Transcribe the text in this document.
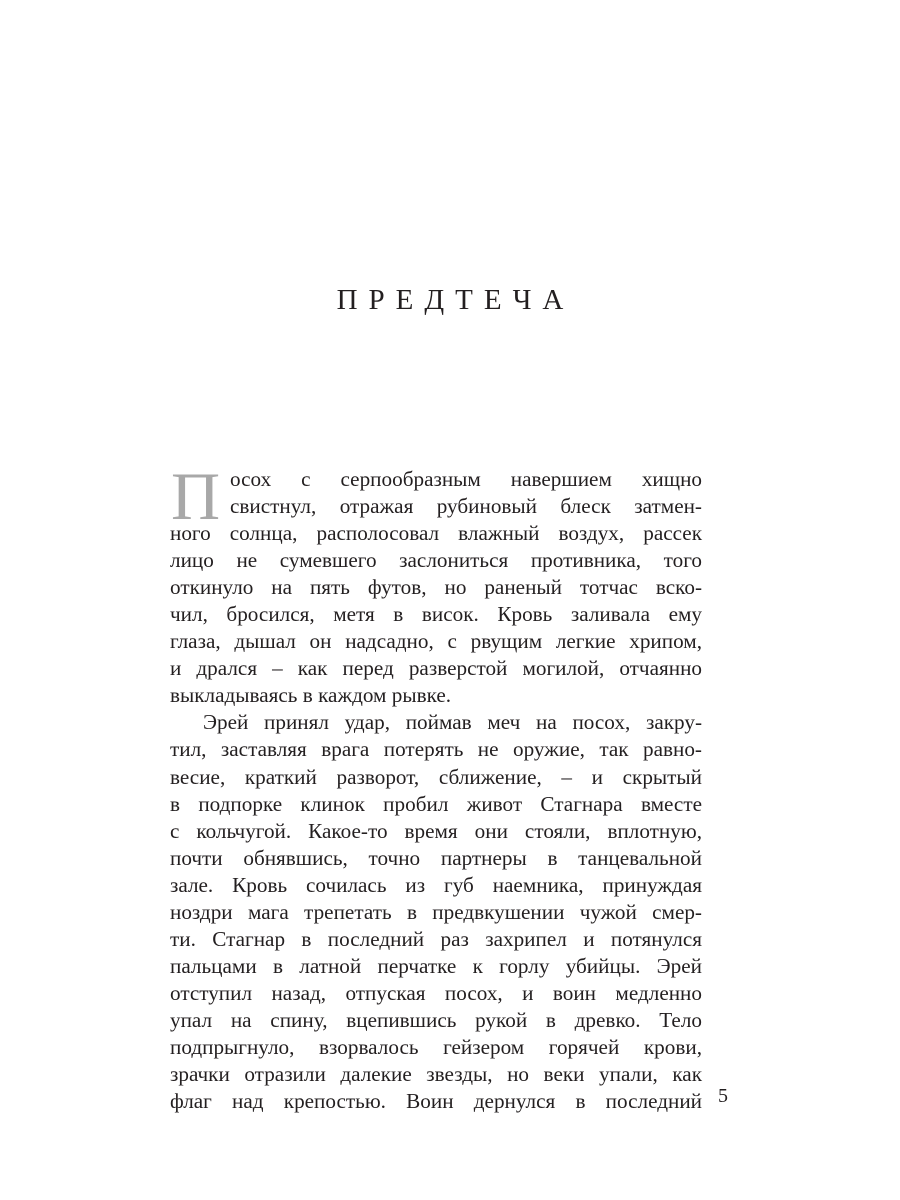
ПРЕДТЕЧА
П осох с серпообразным навершием хищно
свистнул, отражая рубиновый блеск затмен-
ного солнца, располосовал влажный воздух, рассек
лицо не сумевшего заслониться противника, того
откинуло на пять футов, но раненый тотчас вско-
чил, бросился, метя в висок. Кровь заливала ему
глаза, дышал он надсадно, с рвущим легкие хрипом,
и дрался – как перед разверстой могилой, отчаянно
выкладываясь в каждом рывке.
Эрей принял удар, поймав меч на посох, закру-
тил, заставляя врага потерять не оружие, так равно-
весие, краткий разворот, сближение, – и скрытый
в подпорке клинок пробил живот Стагнара вместе
с кольчугой. Какое-то время они стояли, вплотную,
почти обнявшись, точно партнеры в танцевальной
зале. Кровь сочилась из губ наемника, принуждая
ноздри мага трепетать в предвкушении чужой смер-
ти. Стагнар в последний раз захрипел и потянулся
пальцами в латной перчатке к горлу убийцы. Эрей
отступил назад, отпуская посох, и воин медленно
упал на спину, вцепившись рукой в древко. Тело
подпрыгнуло, взорвалось гейзером горячей крови,
зрачки отразили далекие звезды, но веки упали, как
флаг над крепостью. Воин дернулся в последний 5
